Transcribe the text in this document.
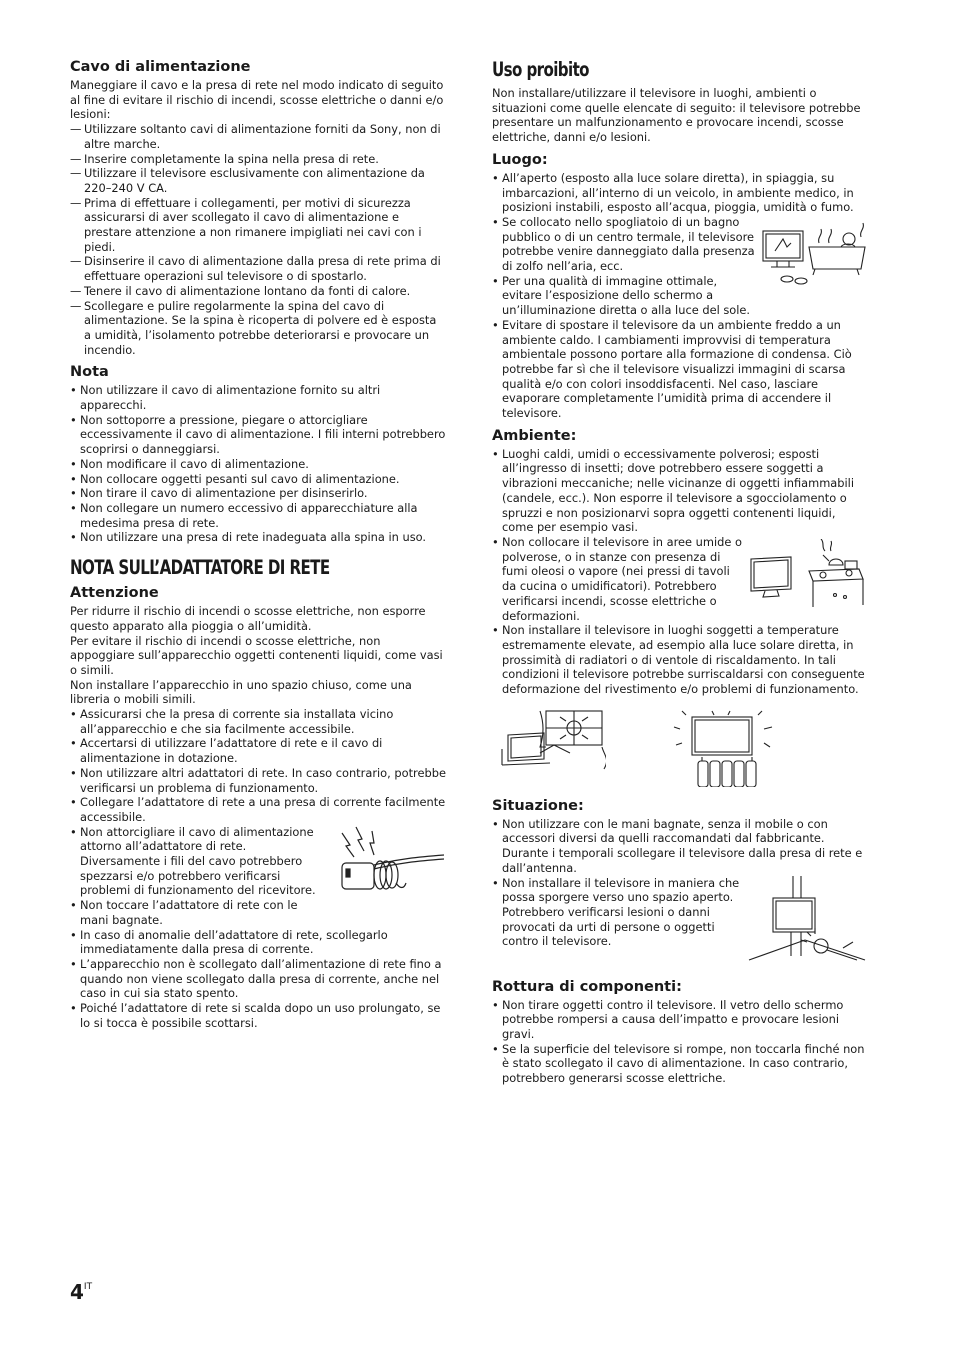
Cavo di alimentazione

Maneggiare il cavo e la presa di rete nel modo indicato di seguito al fine di evitare il rischio di incendi, scosse elettriche o danni e/o lesioni:

— Utilizzare soltanto cavi di alimentazione forniti da Sony, non di altre marche.
— Inserire completamente la spina nella presa di rete.
— Utilizzare il televisore esclusivamente con alimentazione da 220–240 V CA.
— Prima di effettuare i collegamenti, per motivi di sicurezza assicurarsi di aver scollegato il cavo di alimentazione e prestare attenzione a non rimanere impigliati nei cavi con i piedi.
— Disinserire il cavo di alimentazione dalla presa di rete prima di effettuare operazioni sul televisore o di spostarlo.
— Tenere il cavo di alimentazione lontano da fonti di calore.
— Scollegare e pulire regolarmente la spina del cavo di alimentazione. Se la spina è ricoperta di polvere ed è esposta a umidità, l’isolamento potrebbe deteriorarsi e provocare un incendio.
Nota
• Non utilizzare il cavo di alimentazione fornito su altri apparecchi.
• Non sottoporre a pressione, piegare o attorcigliare eccessivamente il cavo di alimentazione. I fili interni potrebbero scoprirsi o danneggiarsi.
• Non modificare il cavo di alimentazione.
• Non collocare oggetti pesanti sul cavo di alimentazione.
• Non tirare il cavo di alimentazione per disinserirlo.
• Non collegare un numero eccessivo di apparecchiature alla medesima presa di rete.
• Non utilizzare una presa di rete inadeguata alla spina in uso.
NOTA SULL’ADATTATORE DI RETE
Attenzione

Per ridurre il rischio di incendi o scosse elettriche, non esporre questo apparato alla pioggia o all’umidità.

Per evitare il rischio di incendi o scosse elettriche, non appoggiare sull’apparecchio oggetti contenenti liquidi, come vasi o simili.

Non installare l’apparecchio in uno spazio chiuso, come una libreria o mobili simili.

• Assicurarsi che la presa di corrente sia installata vicino all’apparecchio e che sia facilmente accessibile.
• Accertarsi di utilizzare l’adattatore di rete e il cavo di alimentazione in dotazione.
• Non utilizzare altri adattatori di rete. In caso contrario, potrebbe verificarsi un problema di funzionamento.
• Collegare l’adattatore di rete a una presa di corrente facilmente accessibile.
• Non attorcigliare il cavo di alimentazione attorno all’adattatore di rete. Diversamente i fili del cavo potrebbero spezzarsi e/o potrebbero verificarsi problemi di funzionamento del ricevitore.
• Non toccare l’adattatore di rete con le mani bagnate.
• In caso di anomalie dell’adattatore di rete, scollegarlo immediatamente dalla presa di corrente.
• L’apparecchio non è scollegato dall’alimentazione di rete fino a quando non viene scollegato dalla presa di corrente, anche nel caso in cui sia stato spento.
• Poiché l’adattatore di rete si scalda dopo un uso prolungato, se lo si tocca è possibile scottarsi.
Uso proibito

Non installare/utilizzare il televisore in luoghi, ambienti o situazioni come quelle elencate di seguito: il televisore potrebbe presentare un malfunzionamento e provocare incendi, scosse elettriche, danni e/o lesioni.

Luogo:
• All’aperto (esposto alla luce solare diretta), in spiaggia, su imbarcazioni, all’interno di un veicolo, in ambiente medico, in posizioni instabili, esposto all’acqua, pioggia, umidità o fumo.
• Se collocato nello spogliatoio di un bagno pubblico o di un centro termale, il televisore potrebbe venire danneggiato dalla presenza di zolfo nell’aria, ecc.
• Per una qualità di immagine ottimale, evitare l’esposizione dello schermo a un’illuminazione diretta o alla luce del sole.
• Evitare di spostare il televisore da un ambiente freddo a un ambiente caldo. I cambiamenti improvvisi di temperatura ambientale possono portare alla formazione di condensa. Ciò potrebbe far sì che il televisore visualizzi immagini di scarsa qualità e/o con colori insoddisfacenti. Nel caso, lasciare evaporare completamente l’umidità prima di accendere il televisore.
Ambiente:
• Luoghi caldi, umidi o eccessivamente polverosi; esposti all’ingresso di insetti; dove potrebbero essere soggetti a vibrazioni meccaniche; nelle vicinanze di oggetti infiammabili (candele, ecc.). Non esporre il televisore a sgocciolamento o spruzzi e non posizionarvi sopra oggetti contenenti liquidi, come per esempio vasi.
• Non collocare il televisore in aree umide o polverose, o in stanze con presenza di fumi oleosi o vapore (nei pressi di tavoli da cucina o umidificatori). Potrebbero verificarsi incendi, scosse elettriche o deformazioni.
• Non installare il televisore in luoghi soggetti a temperature estremamente elevate, ad esempio alla luce solare diretta, in prossimità di radiatori o di ventole di riscaldamento. In tali condizioni il televisore potrebbe surriscaldarsi con conseguente deformazione del rivestimento e/o problemi di funzionamento.
Situazione:
• Non utilizzare con le mani bagnate, senza il mobile o con accessori diversi da quelli raccomandati dal fabbricante. Durante i temporali scollegare il televisore dalla presa di rete e dall’antenna.
• Non installare il televisore in maniera che possa sporgere verso uno spazio aperto. Potrebbero verificarsi lesioni o danni provocati da urti di persone o oggetti contro il televisore.
Rottura di componenti:
• Non tirare oggetti contro il televisore. Il vetro dello schermo potrebbe rompersi a causa dell’impatto e provocare lesioni gravi.
• Se la superficie del televisore si rompe, non toccarla finché non è stato scollegato il cavo di alimentazione. In caso contrario, potrebbero generarsi scosse elettriche.
$4^{IT}$
